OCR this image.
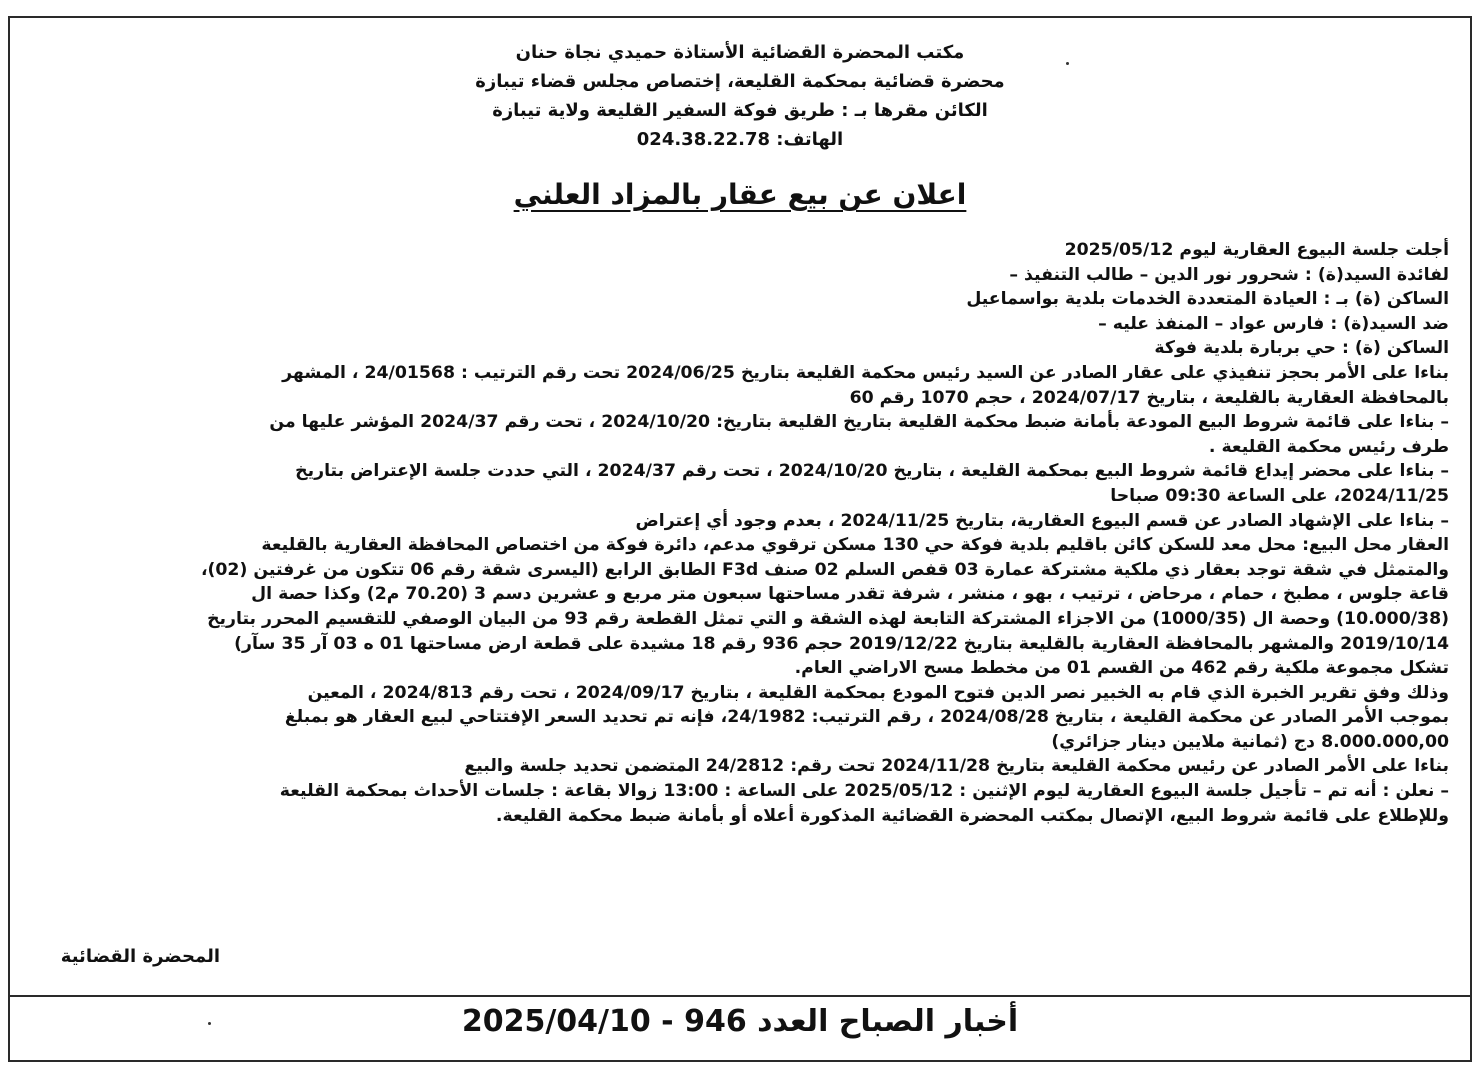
مكتب المحضرة القضائية الأستاذة حميدي نجاة حنان
محضرة قضائية بمحكمة القليعة، إختصاص مجلس قضاء تيبازة
الكائن مقرها بـ : طريق فوكة السفير القليعة ولاية تيبازة
الهاتف: 024.38.22.78
اعلان عن بيع عقار بالمزاد العلني
أجلت جلسة البيوع العقارية ليوم 2025/05/12
لفائدة السيد(ة) : شحرور نور الدين – طالب التنفيذ –
الساكن (ة) بـ : العيادة المتعددة الخدمات بلدية بواسماعيل
ضد السيد(ة) : فارس عواد – المنفذ عليه –
الساكن (ة) : حي بربارة بلدية فوكة
بناءا على الأمر بحجز تنفيذي على عقار الصادر عن السيد رئيس محكمة القليعة بتاريخ 2024/06/25 تحت رقم الترتيب : 24/01568 ، المشهر
بالمحافظة العقارية بالقليعة ، بتاريخ 2024/07/17 ، حجم 1070 رقم 60
– بناءا على قائمة شروط البيع المودعة بأمانة ضبط محكمة القليعة بتاريخ القليعة بتاريخ: 2024/10/20 ، تحت رقم 2024/37 المؤشر عليها من
طرف رئيس محكمة القليعة .
– بناءا على محضر إيداع قائمة شروط البيع بمحكمة القليعة ، بتاريخ 2024/10/20 ، تحت رقم 2024/37 ، التي حددت جلسة الإعتراض بتاريخ
2024/11/25، على الساعة 09:30 صباحا
– بناءا على الإشهاد الصادر عن قسم البيوع العقارية، بتاريخ 2024/11/25 ، بعدم وجود أي إعتراض
العقار محل البيع: محل معد للسكن كائن باقليم بلدية فوكة حي 130 مسكن ترقوي مدعم، دائرة فوكة من اختصاص المحافظة العقارية بالقليعة
والمتمثل في شقة توجد بعقار ذي ملكية مشتركة عمارة 03 قفص السلم 02 صنف F3d الطابق الرابع (اليسرى شقة رقم 06 تتكون من غرفتين (02)،
قاعة جلوس ، مطبخ ، حمام ، مرحاض ، ترتيب ، بهو ، منشر ، شرفة تقدر مساحتها سبعون متر مربع و عشرين دسم 3 (70.20 م2) وكذا حصة ال
(10.000/38) وحصة ال (1000/35) من الاجزاء المشتركة التابعة لهذه الشقة و التي تمثل القطعة رقم 93 من البيان الوصفي للتقسيم المحرر بتاريخ
2019/10/14 والمشهر بالمحافظة العقارية بالقليعة بتاريخ 2019/12/22 حجم 936 رقم 18 مشيدة على قطعة ارض مساحتها 01 ه 03 آر 35 سآر)
تشكل مجموعة ملكية رقم 462 من القسم 01 من مخطط مسح الاراضي العام.
وذلك وفق تقرير الخبرة الذي قام به الخبير نصر الدين فتوح المودع بمحكمة القليعة ، بتاريخ 2024/09/17 ، تحت رقم 2024/813 ، المعين
بموجب الأمر الصادر عن محكمة القليعة ، بتاريخ 2024/08/28 ، رقم الترتيب: 24/1982، فإنه تم تحديد السعر الإفتتاحي لبيع العقار هو بمبلغ
8.000.000,00 دج (ثمانية ملايين دينار جزائري)
بناءا على الأمر الصادر عن رئيس محكمة القليعة بتاريخ 2024/11/28 تحت رقم: 24/2812 المتضمن تحديد جلسة والبيع
– نعلن : أنه تم – تأجيل جلسة البيوع العقارية ليوم الإثنين : 2025/05/12 على الساعة : 13:00 زوالا بقاعة : جلسات الأحداث بمحكمة القليعة
وللإطلاع على قائمة شروط البيع، الإتصال بمكتب المحضرة القضائية المذكورة أعلاه أو بأمانة ضبط محكمة القليعة.
المحضرة القضائية
أخبار الصباح العدد 946 - 2025/04/10
